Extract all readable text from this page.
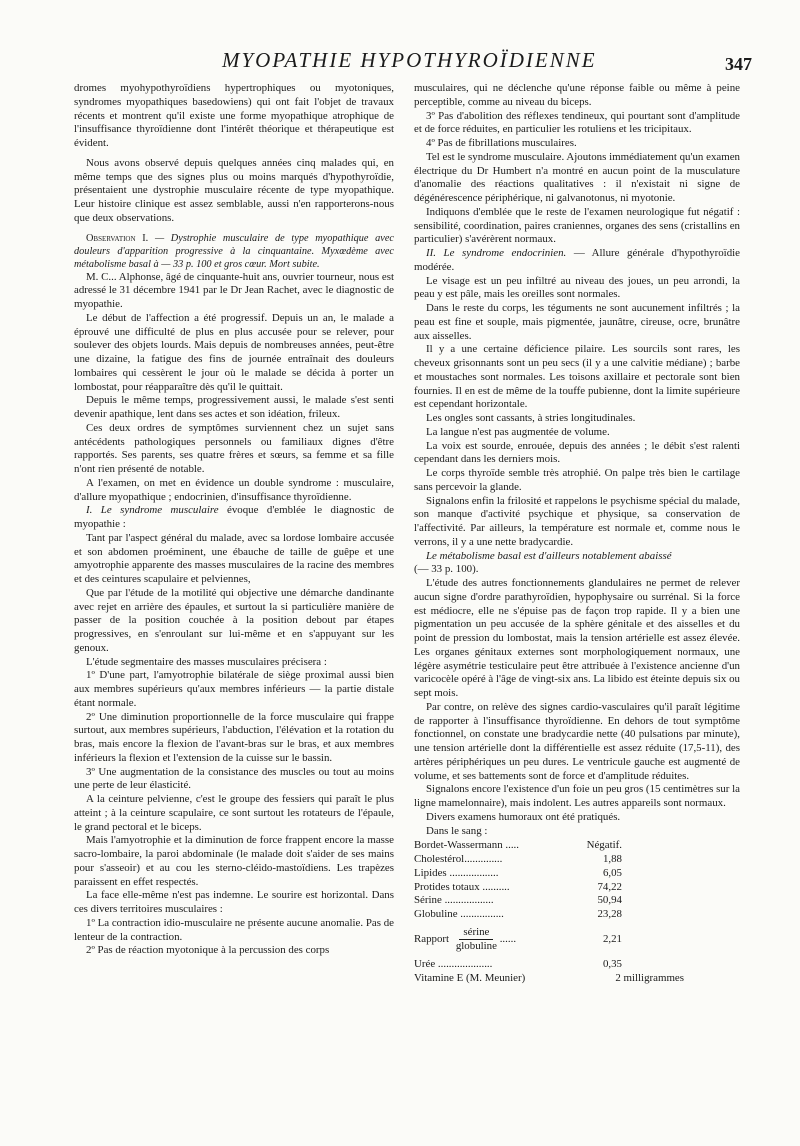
MYOPATHIE HYPOTHYROÏDIENNE	347

dromes myohypothyroïdiens hypertrophiques ou myotoniques, syndromes myopathiques basedowiens) qui ont fait l'objet de travaux récents et montrent qu'il existe une forme myopathique atrophique de l'insuffisance thyroïdienne dont l'intérêt théorique et thérapeutique est évident.

Nous avons observé depuis quelques années cinq malades qui, en même temps que des signes plus ou moins marqués d'hypothyroïdie, présentaient une dystrophie musculaire récente de type myopathique. Leur histoire clinique est assez semblable, aussi n'en rapporterons-nous que deux observations.

Observation I. — Dystrophie musculaire de type myopathique avec douleurs d'apparition progressive à la cinquantaine. Myxœdème avec métabolisme basal à — 33 p. 100 et gros cœur. Mort subite.

M. C... Alphonse, âgé de cinquante-huit ans, ouvrier tourneur, nous est adressé le 31 décembre 1941 par le Dr Jean Rachet, avec le diagnostic de myopathie.

Le début de l'affection a été progressif. Depuis un an, le malade a éprouvé une difficulté de plus en plus accusée pour se relever, pour soulever des objets lourds. Mais depuis de nombreuses années, peut-être une dizaine, la fatigue des fins de journée entraînait des douleurs lombaires qui cessèrent le jour où le malade se décida à porter un lombostat, pour réapparaître dès qu'il le quittait.

Depuis le même temps, progressivement aussi, le malade s'est senti devenir apathique, lent dans ses actes et son idéation, frileux.

Ces deux ordres de symptômes surviennent chez un sujet sans antécédents pathologiques personnels ou familiaux dignes d'être rapportés. Ses parents, ses quatre frères et sœurs, sa femme et sa fille n'ont rien présenté de notable.

A l'examen, on met en évidence un double syndrome : musculaire, d'allure myopathique ; endocrinien, d'insuffisance thyroïdienne.

I. Le syndrome musculaire évoque d'emblée le diagnostic de myopathie :

Tant par l'aspect général du malade, avec sa lordose lombaire accusée et son abdomen proéminent, une ébauche de taille de guêpe et une amyotrophie apparente des masses musculaires de la racine des membres et des ceintures scapulaire et pelviennes,

Que par l'étude de la motilité qui objective une démarche dandinante avec rejet en arrière des épaules, et surtout la si particulière manière de passer de la position couchée à la position debout par étapes progressives, en s'enroulant sur lui-même et en s'appuyant sur les genoux.

L'étude segmentaire des masses musculaires précisera :

1º D'une part, l'amyotrophie bilatérale de siège proximal aussi bien aux membres supérieurs qu'aux membres inférieurs — la partie distale étant normale.

2º Une diminution proportionnelle de la force musculaire qui frappe surtout, aux membres supérieurs, l'abduction, l'élévation et la rotation du bras, mais encore la flexion de l'avant-bras sur le bras, et aux membres inférieurs la flexion et l'extension de la cuisse sur le bassin.

3º Une augmentation de la consistance des muscles ou tout au moins une perte de leur élasticité.

A la ceinture pelvienne, c'est le groupe des fessiers qui paraît le plus atteint ; à la ceinture scapulaire, ce sont surtout les rotateurs de l'épaule, le grand pectoral et le biceps.

Mais l'amyotrophie et la diminution de force frappent encore la masse sacro-lombaire, la paroi abdominale (le malade doit s'aider de ses mains pour s'asseoir) et au cou les sterno-cléido-mastoïdiens. Les trapèzes paraissent en effet respectés.

La face elle-même n'est pas indemne. Le sourire est horizontal. Dans ces divers territoires musculaires :

1º La contraction idio-musculaire ne présente aucune anomalie. Pas de lenteur de la contraction.

2º Pas de réaction myotonique à la percussion des corps

musculaires, qui ne déclenche qu'une réponse faible ou même à peine perceptible, comme au niveau du biceps.

3º Pas d'abolition des réflexes tendineux, qui pourtant sont d'amplitude et de force réduites, en particulier les rotuliens et les tricipitaux.

4º Pas de fibrillations musculaires.

Tel est le syndrome musculaire. Ajoutons immédiatement qu'un examen électrique du Dr Humbert n'a montré en aucun point de la musculature d'anomalie des réactions qualitatives : il n'existait ni signe de dégénérescence périphérique, ni galvanotonus, ni myotonie.

Indiquons d'emblée que le reste de l'examen neurologique fut négatif : sensibilité, coordination, paires craniennes, organes des sens (cristallins en particulier) s'avérèrent normaux.

II. Le syndrome endocrinien. — Allure générale d'hypothyroïdie modérée.

Le visage est un peu infiltré au niveau des joues, un peu arrondi, la peau y est pâle, mais les oreilles sont normales.

Dans le reste du corps, les téguments ne sont aucunement infiltrés ; la peau est fine et souple, mais pigmentée, jaunâtre, cireuse, ocre, brunâtre aux aisselles.

Il y a une certaine déficience pilaire. Les sourcils sont rares, les cheveux grisonnants sont un peu secs (il y a une calvitie médiane) ; barbe et moustaches sont normales. Les toisons axillaire et pectorale sont bien fournies. Il en est de même de la touffe pubienne, dont la limite supérieure est cependant horizontale.

Les ongles sont cassants, à stries longitudinales.

La langue n'est pas augmentée de volume.

La voix est sourde, enrouée, depuis des années ; le débit s'est ralenti cependant dans les derniers mois.

Le corps thyroïde semble très atrophié. On palpe très bien le cartilage sans percevoir la glande.

Signalons enfin la frilosité et rappelons le psychisme spécial du malade, son manque d'activité psychique et physique, sa conservation de l'affectivité. Par ailleurs, la température est normale et, comme nous le verrons, il y a une nette bradycardie.

Le métabolisme basal est d'ailleurs notablement abaissé
(— 33 p. 100).

L'étude des autres fonctionnements glandulaires ne permet de relever aucun signe d'ordre parathyroïdien, hypophysaire ou surrénal. Si la force est médiocre, elle ne s'épuise pas de façon trop rapide. Il y a bien une pigmentation un peu accusée de la sphère génitale et des aisselles et du point de pression du lombostat, mais la tension artérielle est assez élevée. Les organes génitaux externes sont morphologiquement normaux, une légère asymétrie testiculaire peut être attribuée à l'existence ancienne d'un varicocèle opéré à l'âge de vingt-six ans. La libido est éteinte depuis six ou sept mois.

Par contre, on relève des signes cardio-vasculaires qu'il paraît légitime de rapporter à l'insuffisance thyroïdienne. En dehors de tout symptôme fonctionnel, on constate une bradycardie nette (40 pulsations par minute), une tension artérielle dont la différentielle est assez réduite (17,5-11), des artères périphériques un peu dures. Le ventricule gauche est augmenté de volume, et ses battements sont de force et d'amplitude réduites.

Signalons encore l'existence d'un foie un peu gros (15 centimètres sur la ligne mamelonnaire), mais indolent. Les autres appareils sont normaux.

Divers examens humoraux ont été pratiqués.

Dans le sang :

Bordet-Wassermann .....	Négatif.
Cholestérol..............	1,88
Lipides ..................	6,05
Protides totaux ..........	74,22
Sérine ..................	50,94
Globuline ................	23,28
Rapport $\frac{\text{sérine}}{\text{globuline}}$ ......	2,21
Urée ....................	0,35
Vitamine E (M. Meunier)	2 milligrammes
